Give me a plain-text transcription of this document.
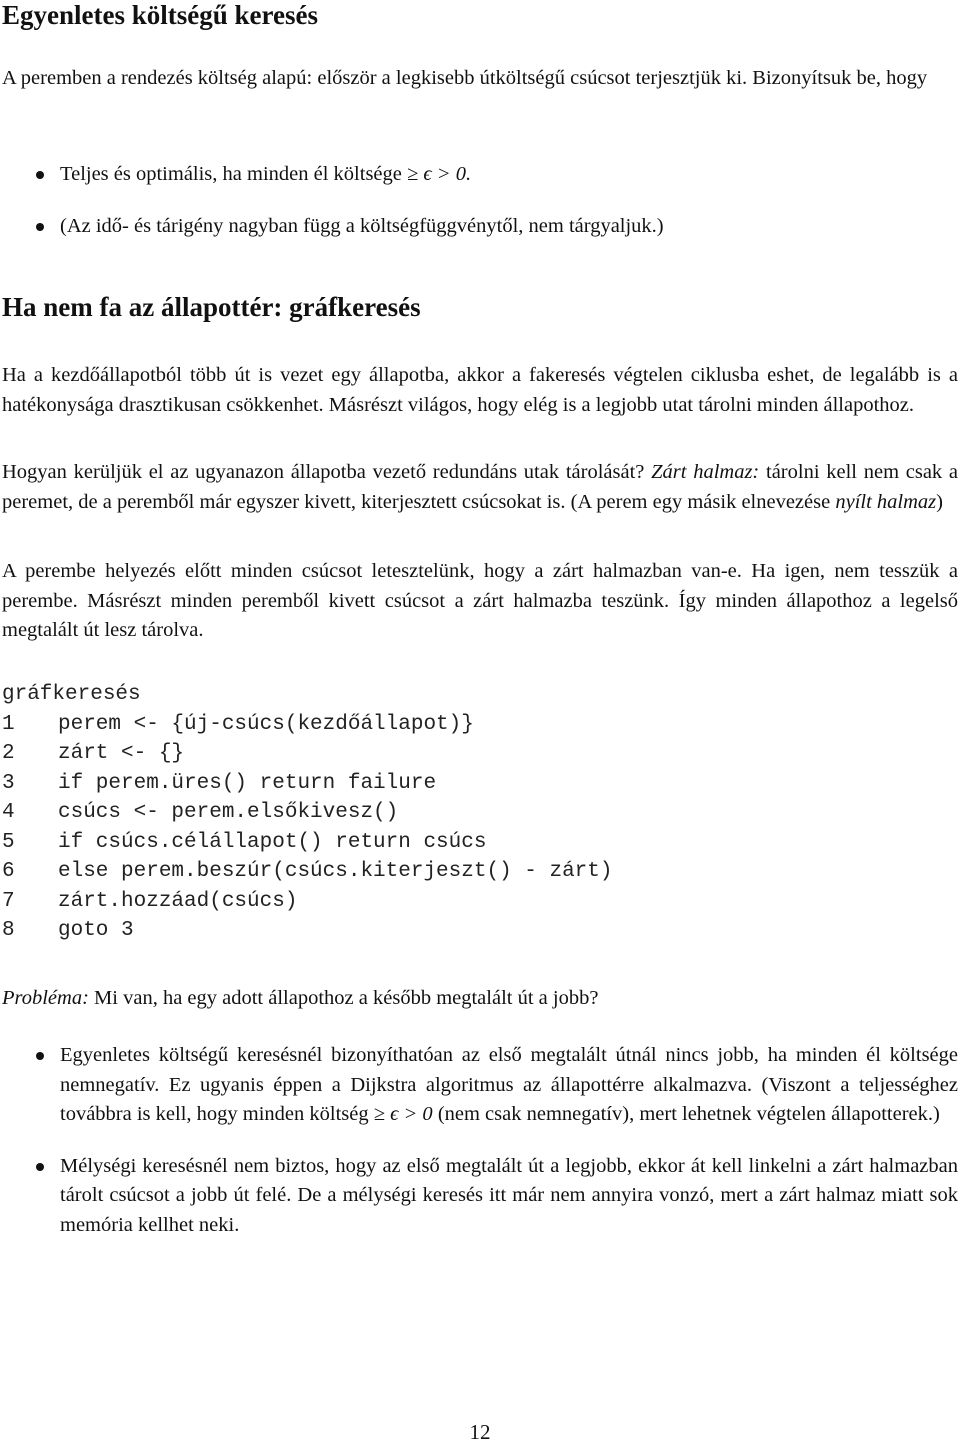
Egyenletes költségű keresés

A peremben a rendezés költség alapú: először a legkisebb útköltségű csúcsot terjesztjük ki. Bizonyítsuk be, hogy

Teljes és optimális, ha minden él költsége ≥ ϵ > 0.
(Az idő- és tárigény nagyban függ a költségfüggvénytől, nem tárgyaljuk.)
Ha nem fa az állapottér: gráfkeresés

Ha a kezdőállapotból több út is vezet egy állapotba, akkor a fakeresés végtelen ciklusba eshet, de legalább is a hatékonysága drasztikusan csökkenhet. Másrészt világos, hogy elég is a legjobb utat tárolni minden állapothoz.

Hogyan kerüljük el az ugyanazon állapotba vezető redundáns utak tárolását? Zárt halmaz: tárolni kell nem csak a peremet, de a peremből már egyszer kivett, kiterjesztett csúcsokat is. (A perem egy másik elnevezése nyílt halmaz)

A perembe helyezés előtt minden csúcsot letesztelünk, hogy a zárt halmazban van-e. Ha igen, nem tesszük a perembe. Másrészt minden peremből kivett csúcsot a zárt halmazba teszünk. Így minden állapothoz a legelső megtalált út lesz tárolva.

gráfkeresés
1	perem <- {új-csúcs(kezdőállapot)}
2	zárt <- {}
3	if perem.üres() return failure
4	csúcs <- perem.elsőkivesz()
5	if csúcs.célállapot() return csúcs
6	else perem.beszúr(csúcs.kiterjeszt() - zárt)
7	zárt.hozzáad(csúcs)
8	goto 3

Probléma: Mi van, ha egy adott állapothoz a később megtalált út a jobb?

Egyenletes költségű keresésnél bizonyíthatóan az első megtalált útnál nincs jobb, ha minden él költsége nemnegatív. Ez ugyanis éppen a Dijkstra algoritmus az állapottérre alkalmazva. (Viszont a teljességhez továbbra is kell, hogy minden költség ≥ ϵ > 0 (nem csak nemnegatív), mert lehetnek végtelen állapotterek.)
Mélységi keresésnél nem biztos, hogy az első megtalált út a legjobb, ekkor át kell linkelni a zárt halmazban tárolt csúcsot a jobb út felé. De a mélységi keresés itt már nem annyira vonzó, mert a zárt halmaz miatt sok memória kellhet neki.
12
